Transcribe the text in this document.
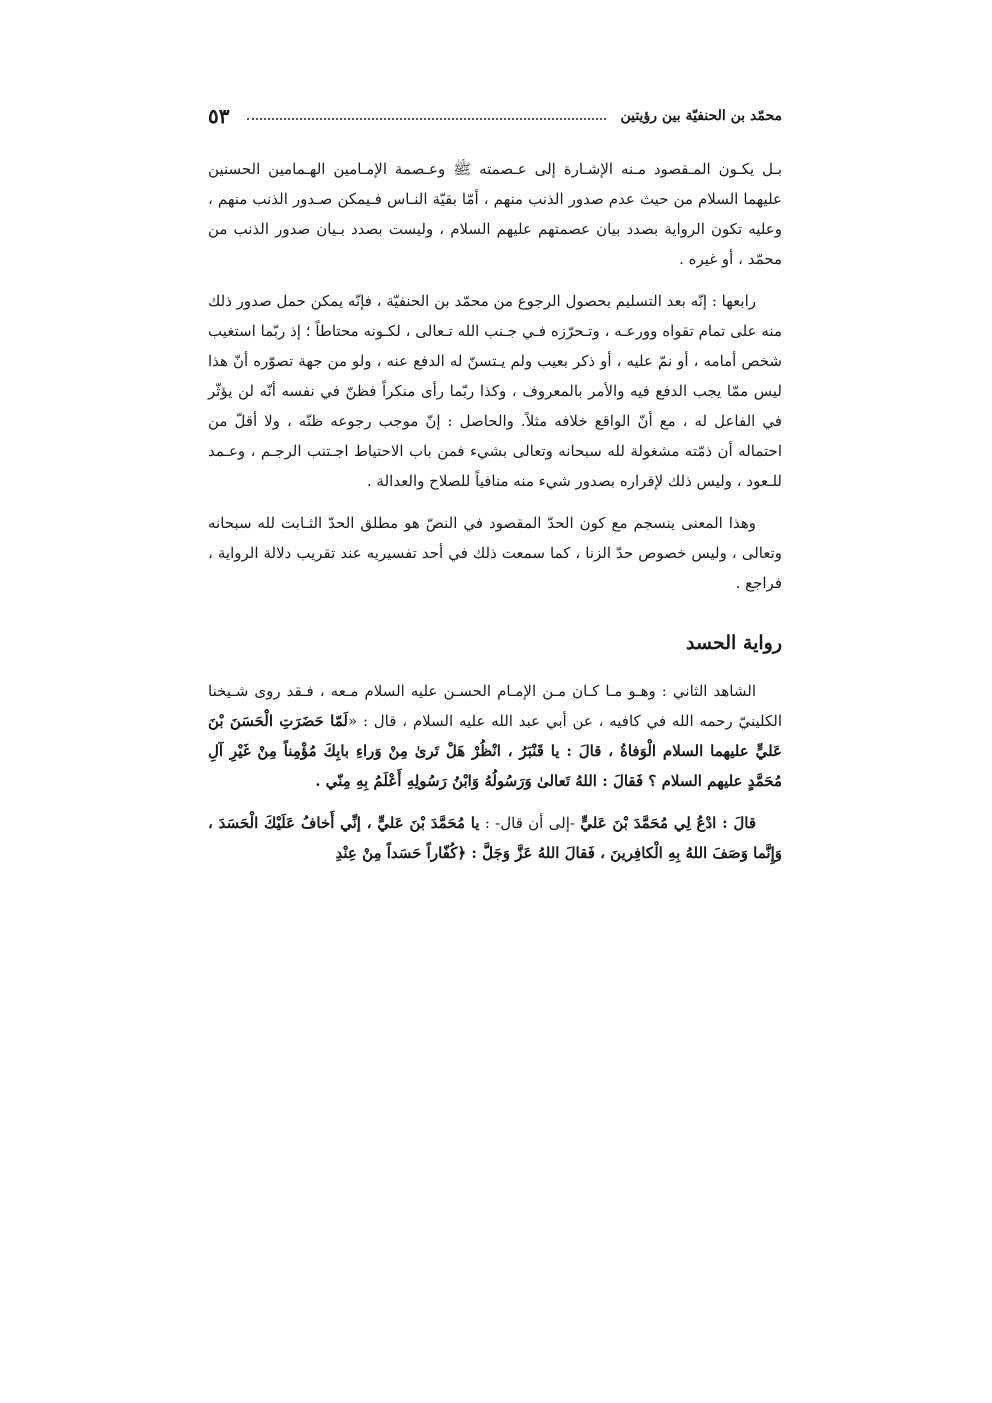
محمّد بن الحنفيّة بين رؤيتين
٥٣

بـل يكـون المـقصود مـنه الإشـارة إلى عـصمته ﷺ وعـصمة الإمـامين الهـمامين الحسنين عليهما السلام من حيث عدم صدور الذنب منهم ، أمّا بقيّة النـاس فـيمكن صـدور الذنب منهم ، وعليه تكون الرواية بصدد بيان عصمتهم عليهم السلام ، وليست بصدد بـيان صدور الذنب من محمّد ، أو غيره .

رابعها : إنّه بعد التسليم بحصول الرجوع من محمّد بن الحنفيّة ، فإنّه يمكن حمل صدور ذلك منه على تمام تقواه وورعـه ، وتـحرّزه فـي جـنب الله تـعالى ، لكـونه محتاطاً ؛ إذ ربّما استغيب شخص أمامه ، أو نمّ عليه ، أو ذكر بعيب ولم يـتسنّ له الدفع عنه ، ولو من جهة تصوّره أنّ هذا ليس ممّا يجب الدفع فيه والأمر بالمعروف ، وكذا ربّما رأى منكراً فظنّ في نفسه أنّه لن يؤثّر في الفاعل له ، مع أنّ الواقع خلافه مثلاً. والحاصل : إنّ موجب رجوعه ظنّه ، ولا أقلّ من احتماله أن ذمّته مشغولة لله سبحانه وتعالى بشيء فمن باب الاحتياط اجـتنب الرجـم ، وعـمد للـعود ، وليس ذلك لإقراره بصدور شيء منه منافياً للصلاح والعدالة .

وهذا المعنى ينسجم مع كون الحدّ المقصود في النصّ هو مطلق الحدّ الثـابت لله سبحانه وتعالى ، وليس خصوص حدّ الزنا ، كما سمعت ذلك في أحد تفسيريه عند تقريب دلالة الرواية ، فراجع .

رواية الحسد

الشاهد الثاني : وهـو مـا كـان مـن الإمـام الحسـن عليه السلام مـعه ، فـقد روى شـيخنا الكلينيّ رحمه الله في كافيه ، عن أبي عبد الله عليه السلام ، قال : «لَمّا حَضَرَتِ الْحَسَنَ بْنَ عَليٍّ عليهما السلام الْوَفاةُ ، قالَ : يا قَنْبَرُ ، انْظُرْ هَلْ تَرىٰ مِنْ وَراءِ بابِكَ مُؤْمِناً مِنْ غَيْرِ آلِ مُحَمَّدٍ عليهم السلام ؟ فَقالَ : اللهُ تَعالىٰ وَرَسُولُهُ وَابْنُ رَسُولِهِ أَعْلَمُ بِهِ مِنّي .

قالَ : ادْعُ لِي مُحَمَّدَ بْنَ عَليٍّ -إلى أن قال- : يا مُحَمَّدَ بْنَ عَليٍّ ، إنِّي أَخافُ عَلَيْكَ الْحَسَدَ ، وَإِنَّما وَصَفَ اللهُ بِهِ الْكافِرينَ ، فَقالَ اللهُ عَزَّ وَجَلَّ : ﴿كُفّاراً حَسَداً مِنْ عِنْدِ
